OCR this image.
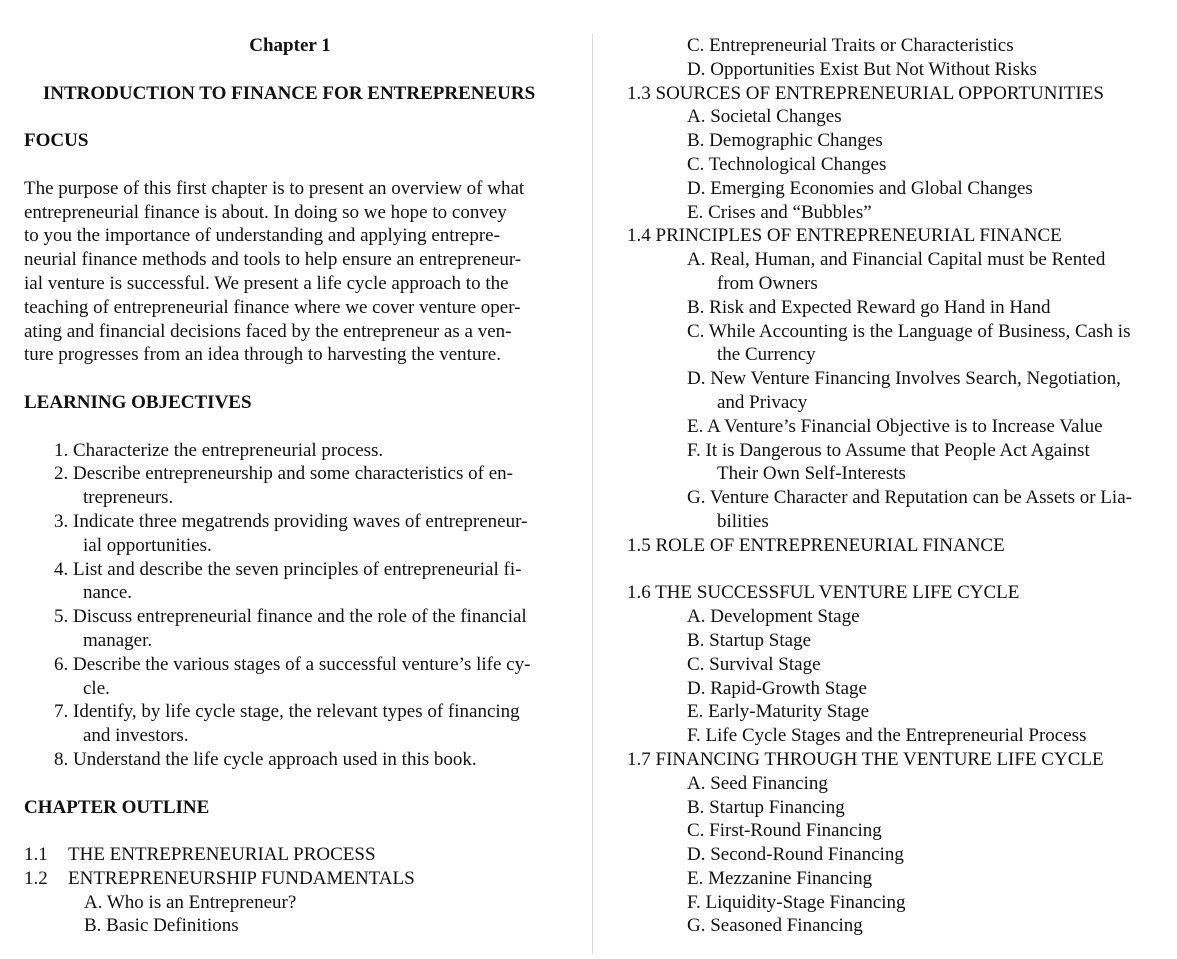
Chapter 1
INTRODUCTION TO FINANCE FOR ENTREPRENEURS
FOCUS
The purpose of this first chapter is to present an overview of what
entrepreneurial finance is about. In doing so we hope to convey
to you the importance of understanding and applying entrepre-
neurial finance methods and tools to help ensure an entrepreneur-
ial venture is successful. We present a life cycle approach to the
teaching of entrepreneurial finance where we cover venture oper-
ating and financial decisions faced by the entrepreneur as a ven-
ture progresses from an idea through to harvesting the venture.
LEARNING OBJECTIVES
1. Characterize the entrepreneurial process.
2. Describe entrepreneurship and some characteristics of en-
trepreneurs.
3. Indicate three megatrends providing waves of entrepreneur-
ial opportunities.
4. List and describe the seven principles of entrepreneurial fi-
nance.
5. Discuss entrepreneurial finance and the role of the financial
manager.
6. Describe the various stages of a successful venture’s life cy-
cle.
7. Identify, by life cycle stage, the relevant types of financing
and investors.
8. Understand the life cycle approach used in this book.
CHAPTER OUTLINE
1.1 THE ENTREPRENEURIAL PROCESS
1.2 ENTREPRENEURSHIP FUNDAMENTALS
A. Who is an Entrepreneur?
B. Basic Definitions
C. Entrepreneurial Traits or Characteristics
D. Opportunities Exist But Not Without Risks
1.3 SOURCES OF ENTREPRENEURIAL OPPORTUNITIES
A. Societal Changes
B. Demographic Changes
C. Technological Changes
D. Emerging Economies and Global Changes
E. Crises and “Bubbles”
1.4 PRINCIPLES OF ENTREPRENEURIAL FINANCE
A. Real, Human, and Financial Capital must be Rented
from Owners
B. Risk and Expected Reward go Hand in Hand
C. While Accounting is the Language of Business, Cash is
the Currency
D. New Venture Financing Involves Search, Negotiation,
and Privacy
E. A Venture’s Financial Objective is to Increase Value
F. It is Dangerous to Assume that People Act Against
Their Own Self-Interests
G. Venture Character and Reputation can be Assets or Lia-
bilities
1.5 ROLE OF ENTREPRENEURIAL FINANCE
1.6 THE SUCCESSFUL VENTURE LIFE CYCLE
A. Development Stage
B. Startup Stage
C. Survival Stage
D. Rapid-Growth Stage
E. Early-Maturity Stage
F. Life Cycle Stages and the Entrepreneurial Process
1.7 FINANCING THROUGH THE VENTURE LIFE CYCLE
A. Seed Financing
B. Startup Financing
C. First-Round Financing
D. Second-Round Financing
E. Mezzanine Financing
F. Liquidity-Stage Financing
G. Seasoned Financing
